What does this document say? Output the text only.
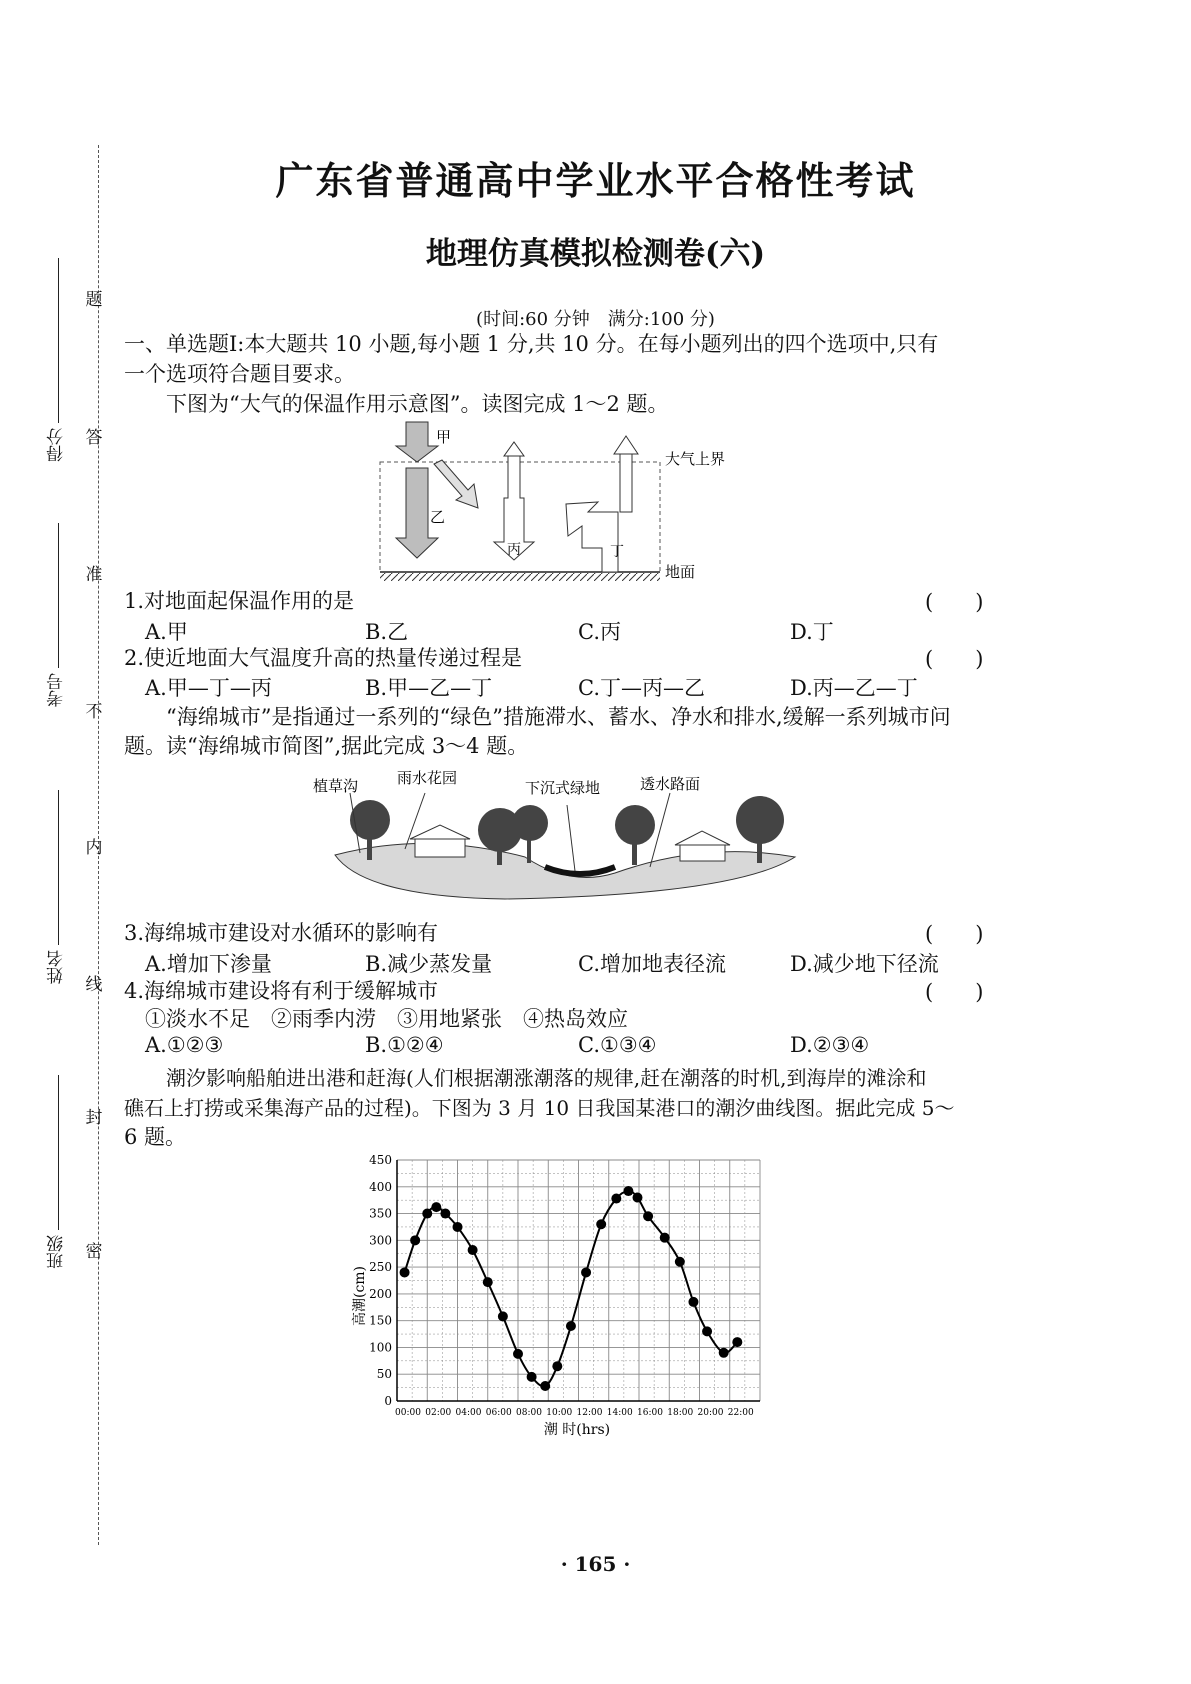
广东省普通高中学业水平合格性考试
地理仿真模拟检测卷(六)
(时间:60 分钟　满分:100 分)
题
答
准
不
内
线
封
密
得分
考号
姓名
班级
一、单选题Ⅰ:本大题共 10 小题,每小题 1 分,共 10 分。在每小题列出的四个选项中,只有
一个选项符合题目要求。
下图为“大气的保温作用示意图”。读图完成 1～2 题。
甲
乙
丙	丁
大气上界
地面
1.对地面起保温作用的是	(　　)
A.甲	B.乙	C.丙	D.丁
2.使近地面大气温度升高的热量传递过程是	(　　)
A.甲—丁—丙	B.甲—乙—丁	C.丁—丙—乙	D.丙—乙—丁
“海绵城市”是指通过一系列的“绿色”措施滞水、蓄水、净水和排水,缓解一系列城市问
题。读“海绵城市简图”,据此完成 3～4 题。
植草沟	雨水花园
下沉式绿地	透水路面
3.海绵城市建设对水循环的影响有	(　　)
A.增加下渗量	B.减少蒸发量	C.增加地表径流	D.减少地下径流
4.海绵城市建设将有利于缓解城市	(　　)
①淡水不足　②雨季内涝　③用地紧张　④热岛效应
A.①②③	B.①②④	C.①③④	D.②③④
潮汐影响船舶进出港和赶海(人们根据潮涨潮落的规律,赶在潮落的时机,到海岸的滩涂和
礁石上打捞或采集海产品的过程)。下图为 3 月 10 日我国某港口的潮汐曲线图。据此完成 5～
6 题。
0
50
100
150
200
250
300
350
400
450
00:00 02:00 04:00 06:00 08:00 10:00 12:00 14:00 16:00 18:00 20:00 22:00
高潮(cm)
潮 时(hrs)
· 165 ·
